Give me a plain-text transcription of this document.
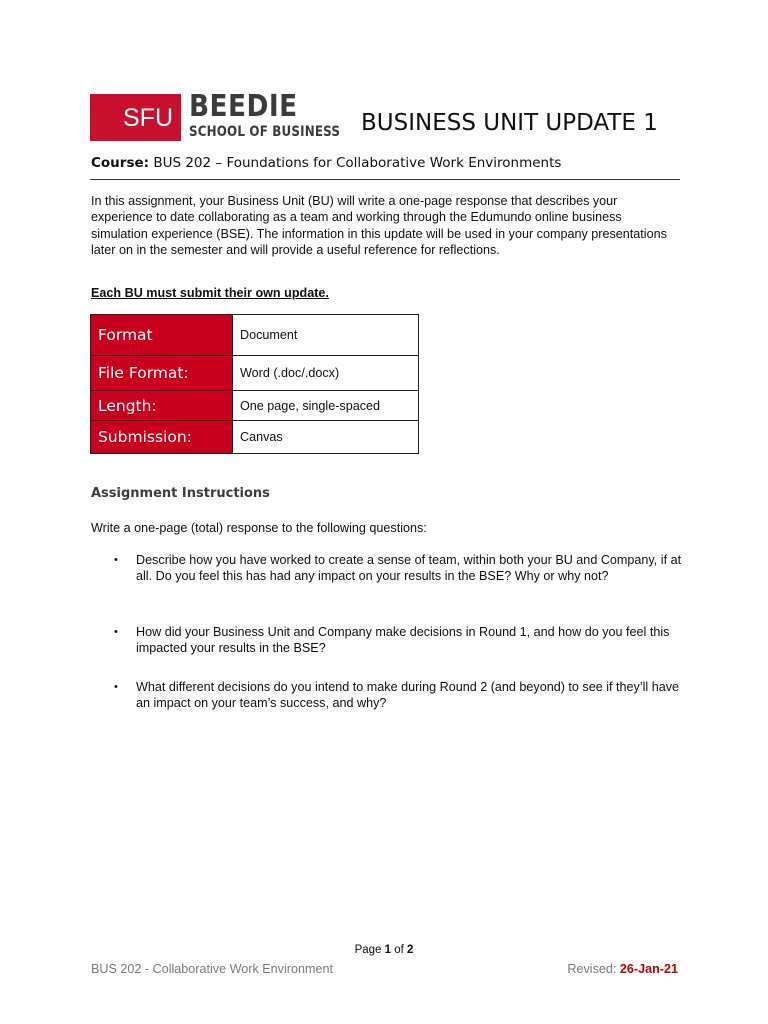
SFU BEEDIE
SCHOOL OF BUSINESS BUSINESS UNIT UPDATE 1
Course: BUS 202 – Foundations for Collaborative Work Environments

In this assignment, your Business Unit (BU) will write a one-page response that describes your experience to date collaborating as a team and working through the Edumundo online business simulation experience (BSE). The information in this update will be used in your company presentations later on in the semester and will provide a useful reference for reflections.

Each BU must submit their own update.
Format	Document
File Format:	Word (.doc/.docx)
Length:	One page, single-spaced
Submission:	Canvas
Assignment Instructions
Write a one-page (total) response to the following questions:
•	Describe how you have worked to create a sense of team, within both your BU and Company, if at all. Do you feel this has had any impact on your results in the BSE? Why or why not?
•	How did your Business Unit and Company make decisions in Round 1, and how do you feel this impacted your results in the BSE?
•	What different decisions do you intend to make during Round 2 (and beyond) to see if they’ll have an impact on your team’s success, and why?
Page 1 of 2
BUS 202 - Collaborative Work Environment	Revised: 26-Jan-21
